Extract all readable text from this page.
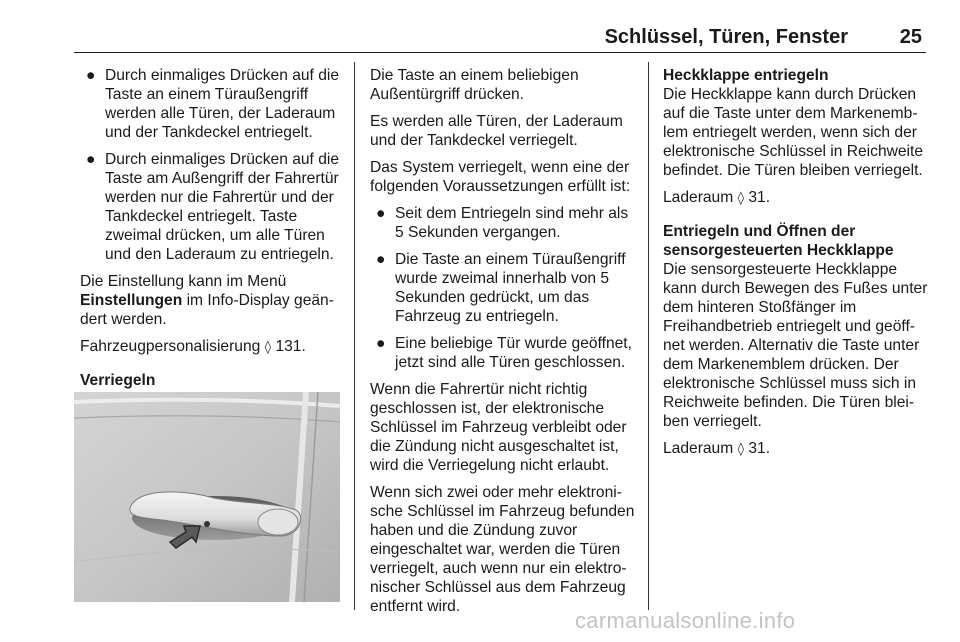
Schlüssel, Türen, Fenster	25
● Durch einmaliges Drücken auf die Taste an einem Türaußengriff werden alle Türen, der Laderaum und der Tankdeckel entriegelt.
● Durch einmaliges Drücken auf die Taste am Außengriff der Fahrertür werden nur die Fahrertür und der Tankdeckel entriegelt. Taste zweimal drücken, um alle Türen und den Laderaum zu entriegeln.

Die Einstellung kann im Menü Einstellungen im Info-Display geändert werden.

Fahrzeugpersonalisierung ◊ 131.

Verriegeln

Die Taste an einem beliebigen Außentürgriff drücken.

Es werden alle Türen, der Laderaum und der Tankdeckel verriegelt.

Das System verriegelt, wenn eine der folgenden Voraussetzungen erfüllt ist:

● Seit dem Entriegeln sind mehr als 5 Sekunden vergangen.
● Die Taste an einem Türaußengriff wurde zweimal innerhalb von 5 Sekunden gedrückt, um das Fahrzeug zu entriegeln.
● Eine beliebige Tür wurde geöffnet, jetzt sind alle Türen geschlossen.

Wenn die Fahrertür nicht richtig geschlossen ist, der elektronische Schlüssel im Fahrzeug verbleibt oder die Zündung nicht ausgeschaltet ist, wird die Verriegelung nicht erlaubt.

Wenn sich zwei oder mehr elektronische Schlüssel im Fahrzeug befunden haben und die Zündung zuvor eingeschaltet war, werden die Türen verriegelt, auch wenn nur ein elektronischer Schlüssel aus dem Fahrzeug entfernt wird.

Heckklappe entriegeln

Die Heckklappe kann durch Drücken auf die Taste unter dem Markenemblem entriegelt werden, wenn sich der elektronische Schlüssel in Reichweite befindet. Die Türen bleiben verriegelt.

Laderaum ◊ 31.

Entriegeln und Öffnen der sensorgesteuerten Heckklappe

Die sensorgesteuerte Heckklappe kann durch Bewegen des Fußes unter dem hinteren Stoßfänger im Freihandbetrieb entriegelt und geöffnet werden. Alternativ die Taste unter dem Markenemblem drücken. Der elektronische Schlüssel muss sich in Reichweite befinden. Die Türen bleiben verriegelt.

Laderaum ◊ 31.

carmanualsonline.info
